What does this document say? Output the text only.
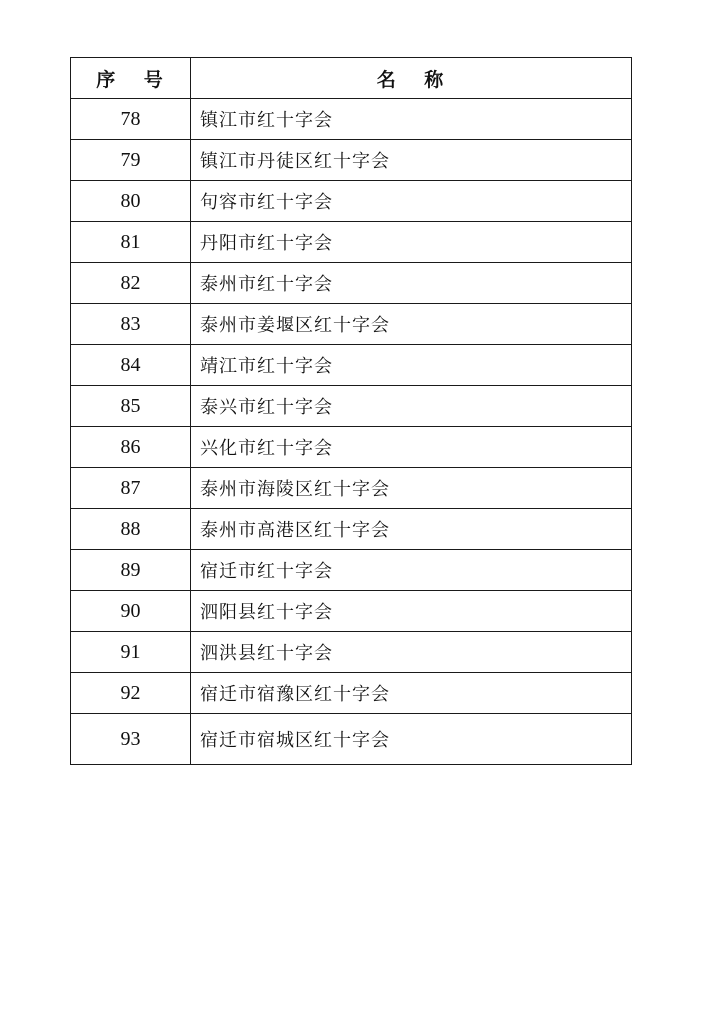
序 号	名 称
78	镇江市红十字会
79	镇江市丹徒区红十字会
80	句容市红十字会
81	丹阳市红十字会
82	泰州市红十字会
83	泰州市姜堰区红十字会
84	靖江市红十字会
85	泰兴市红十字会
86	兴化市红十字会
87	泰州市海陵区红十字会
88	泰州市高港区红十字会
89	宿迁市红十字会
90	泗阳县红十字会
91	泗洪县红十字会
92	宿迁市宿豫区红十字会
93	宿迁市宿城区红十字会
